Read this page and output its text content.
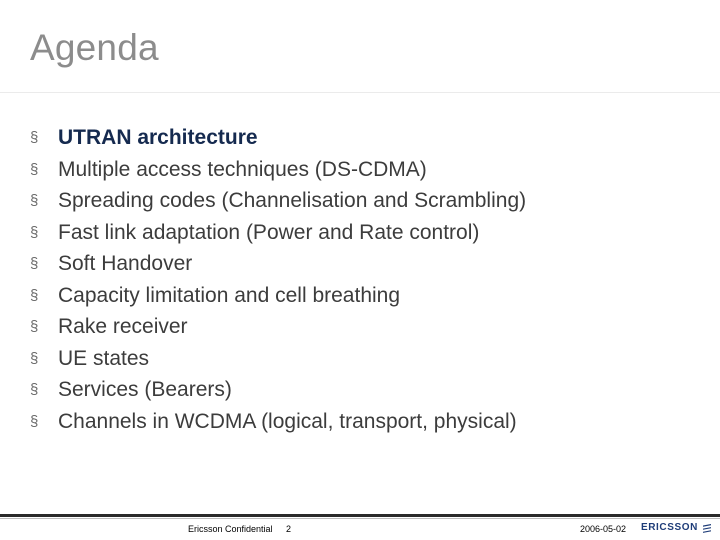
Agenda
§ UTRAN architecture
§ Multiple access techniques (DS-CDMA)
§ Spreading codes (Channelisation and Scrambling)
§ Fast link adaptation (Power and Rate control)
§ Soft Handover
§ Capacity limitation and cell breathing
§ Rake receiver
§ UE states
§ Services (Bearers)
§ Channels in WCDMA (logical, transport, physical)
Ericsson Confidential 2	2006-05-02 ERICSSON
